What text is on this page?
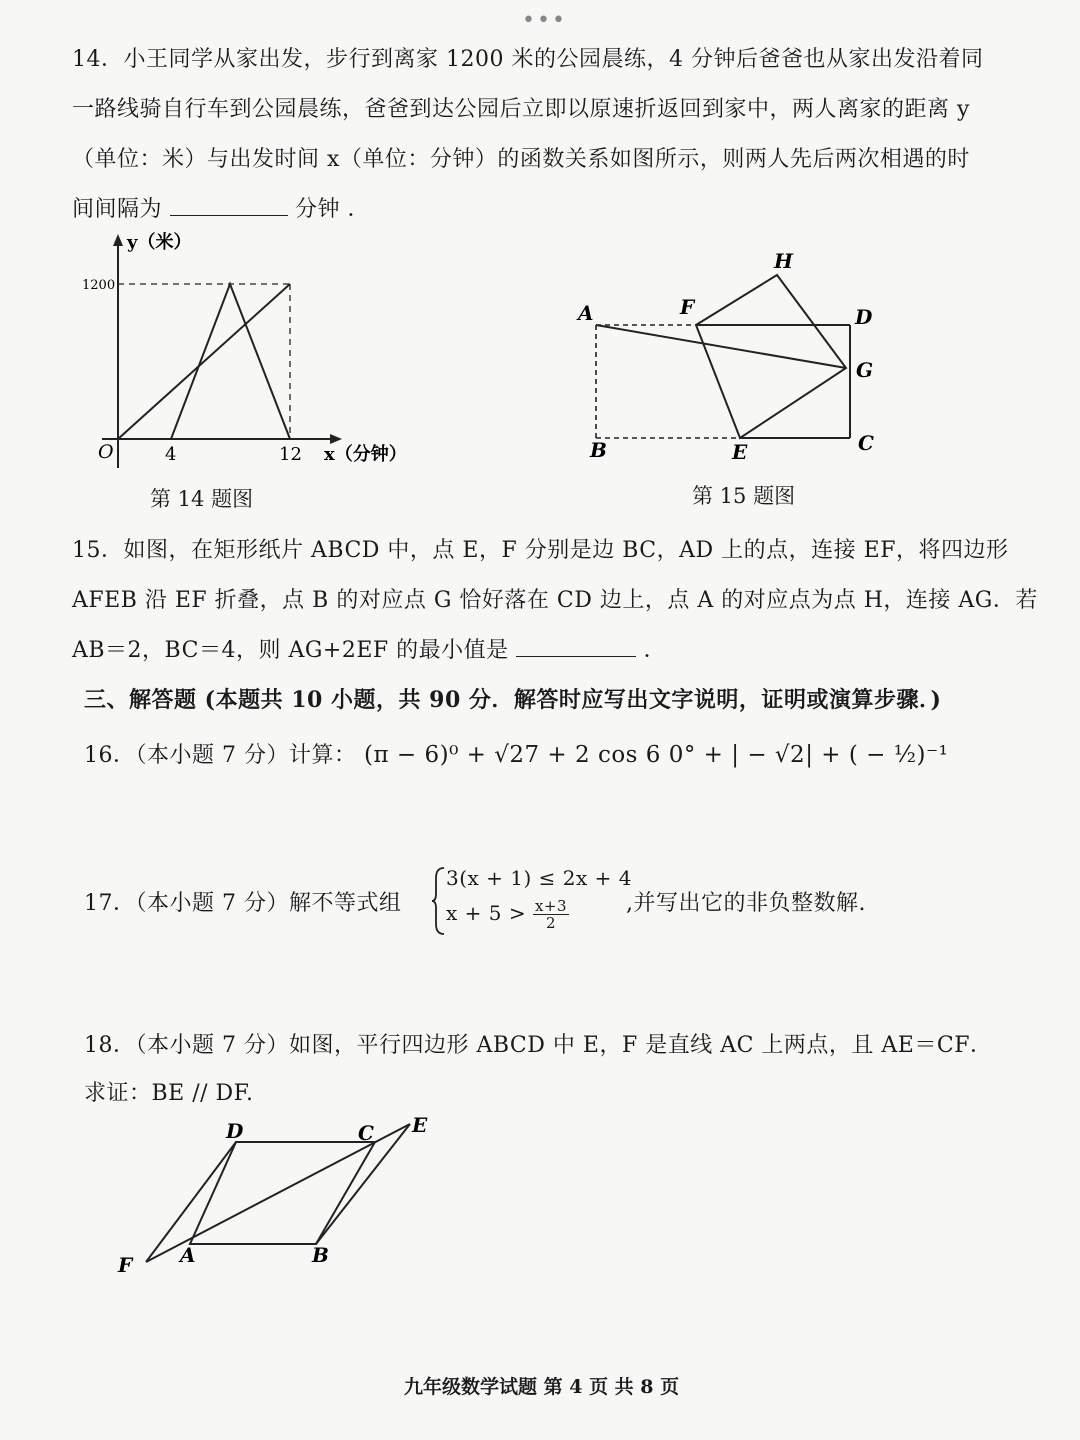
•••
14．小王同学从家出发，步行到离家 1200 米的公园晨练，4 分钟后爸爸也从家出发沿着同
一路线骑自行车到公园晨练，爸爸到达公园后立即以原速折返回到家中，两人离家的距离 y
（单位：米）与出发时间 x（单位：分钟）的函数关系如图所示，则两人先后两次相遇的时
间间隔为	分钟 ．
y（米）
1200
O	4	12 x（分钟）
第 14 题图
A	F
H
D
G
C
B	E
第 15 题图
15．如图，在矩形纸片 ABCD 中，点 E，F 分别是边 BC，AD 上的点，连接 EF，将四边形
AFEB 沿 EF 折叠，点 B 的对应点 G 恰好落在 CD 边上，点 A 的对应点为点 H，连接 AG．若
AB＝2，BC＝4，则 AG+2EF 的最小值是	．
三、解答题 (本题共 10 小题，共 90 分．解答时应写出文字说明，证明或演算步骤．)
16．（本小题 7 分）计算： (π − 6)⁰ + √27 + 2 cos 6 0° + | − √2| + ( − ½)⁻¹
17．（本小题 7 分）解不等式组
3(x + 1) ≤ 2x + 4
$x + 5 > \frac{x+3}{2}$	,并写出它的非负整数解.
18．（本小题 7 分）如图，平行四边形 ABCD 中 E，F 是直线 AC 上两点，且 AE＝CF．
求证：BE // DF.
D	C E
A	B
F
九年级数学试题 第 4 页 共 8 页
